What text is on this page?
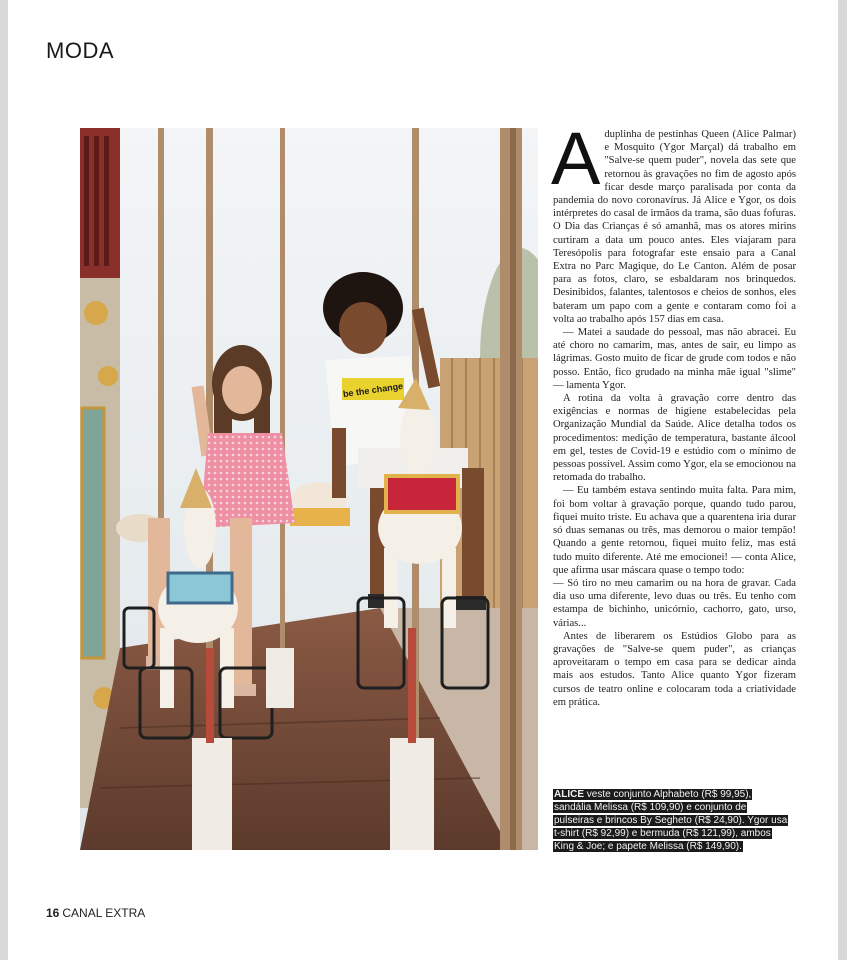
MODA
be the change
A duplinha de pestinhas Queen (Alice Palmar) e Mosquito (Ygor Marçal) dá trabalho em "Salve-se quem puder", novela das sete que retornou às gravações no fim de agosto após ficar desde março paralisada por conta da pandemia do novo coronavírus. Já Alice e Ygor, os dois intérpretes do casal de irmãos da trama, são duas fofuras. O Dia das Crianças é só amanhã, mas os atores mirins curtiram a data um pouco antes. Eles viajaram para Teresópolis para fotografar este ensaio para a Canal Extra no Parc Magique, do Le Canton. Além de posar para as fotos, claro, se esbaldaram nos brinquedos. Desinibidos, falantes, talentosos e cheios de sonhos, eles bateram um papo com a gente e contaram como foi a volta ao trabalho após 157 dias em casa.

— Matei a saudade do pessoal, mas não abracei. Eu até choro no camarim, mas, antes de sair, eu limpo as lágrimas. Gosto muito de ficar de grude com todos e não posso. Então, fico grudado na minha mãe igual "slime" — lamenta Ygor.

A rotina da volta à gravação corre dentro das exigências e normas de higiene estabelecidas pela Organização Mundial da Saúde. Alice detalha todos os procedimentos: medição de temperatura, bastante álcool em gel, testes de Covid-19 e estúdio com o mínimo de pessoas possível. Assim como Ygor, ela se emocionou na retomada do trabalho.

— Eu também estava sentindo muita falta. Para mim, foi bom voltar à gravação porque, quando tudo parou, fiquei muito triste. Eu achava que a quarentena iria durar só duas semanas ou três, mas demorou o maior tempão! Quando a gente retornou, fiquei muito feliz, mas está tudo muito diferente. Até me emocionei! — conta Alice, que afirma usar máscara quase o tempo todo:

— Só tiro no meu camarim ou na hora de gravar. Cada dia uso uma diferente, levo duas ou três. Eu tenho com estampa de bichinho, unicórnio, cachorro, gato, urso, várias...

Antes de liberarem os Estúdios Globo para as gravações de "Salve-se quem puder", as crianças aproveitaram o tempo em casa para se dedicar ainda mais aos estudos. Tanto Alice quanto Ygor fizeram cursos de teatro online e colocaram toda a criatividade em prática.

ALICE veste conjunto Alphabeto (R$ 99,95), sandália Melissa (R$ 109,90) e conjunto de pulseiras e brincos By Segheto (R$ 24,90). Ygor usa t-shirt (R$ 92,99) e bermuda (R$ 121,99), ambos King & Joe; e papete Melissa (R$ 149,90).
16 CANAL EXTRA
